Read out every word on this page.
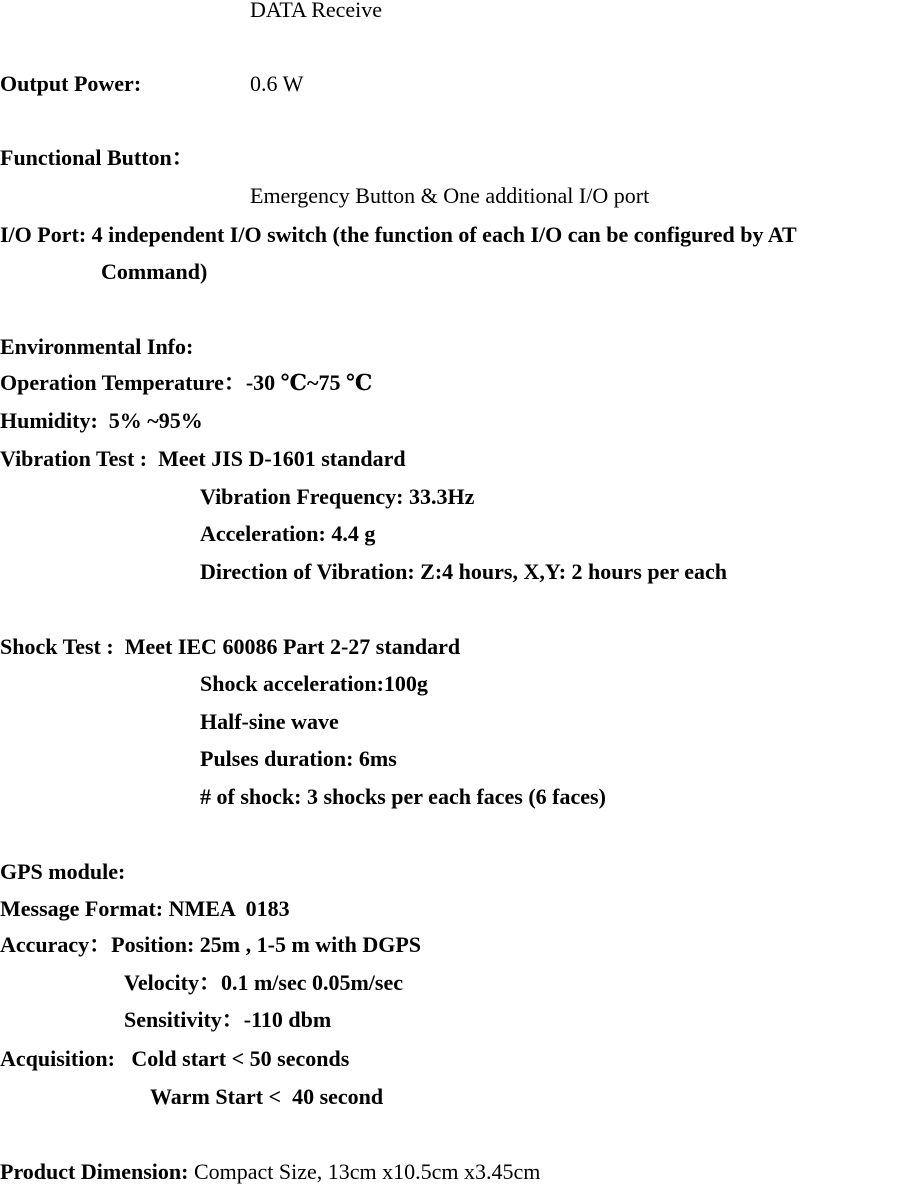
DATA Receive
Output Power:	0.6 W
Functional Button：
Emergency Button & One additional I/O port
I/O Port: 4 independent I/O switch (the function of each I/O can be configured by AT
Command)
Environmental Info:
Operation Temperature：-30 ℃~75 ℃
Humidity:  5% ~95%
Vibration Test :  Meet JIS D-1601 standard
Vibration Frequency: 33.3Hz
Acceleration: 4.4 g
Direction of Vibration: Z:4 hours, X,Y: 2 hours per each
Shock Test :  Meet IEC 60086 Part 2-27 standard
Shock acceleration:100g
Half-sine wave
Pulses duration: 6ms
# of shock: 3 shocks per each faces (6 faces)
GPS module:
Message Format: NMEA  0183
Accuracy：Position: 25m , 1-5 m with DGPS
Velocity：0.1 m/sec 0.05m/sec
Sensitivity：-110 dbm
Acquisition:   Cold start < 50 seconds
Warm Start <  40 second
Product Dimension: Compact Size, 13cm x10.5cm x3.45cm
